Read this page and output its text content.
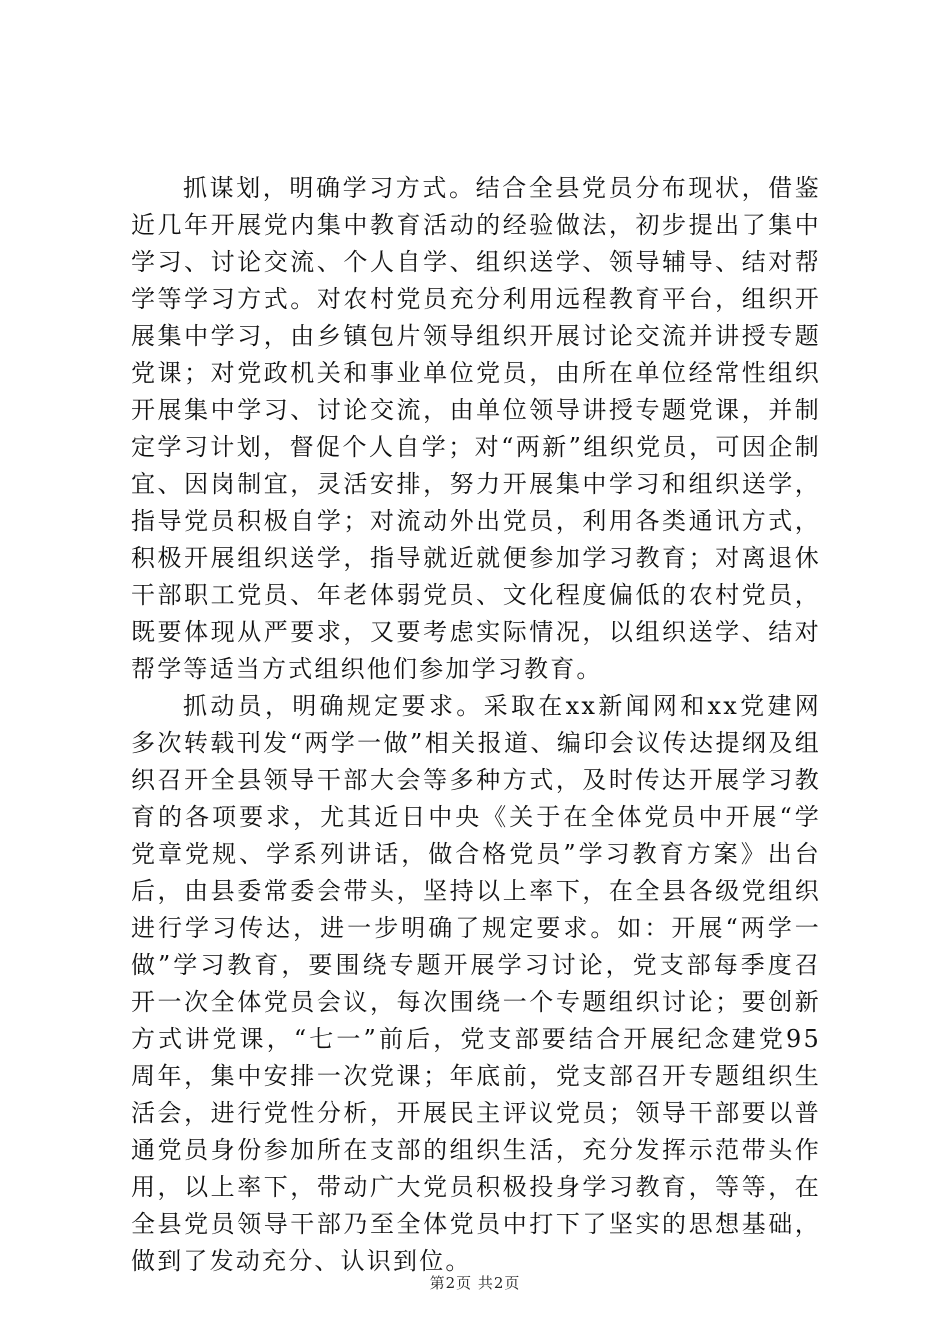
抓谋划，明确学习方式。结合全县党员分布现状，借鉴近几年开展党内集中教育活动的经验做法，初步提出了集中学习、讨论交流、个人自学、组织送学、领导辅导、结对帮学等学习方式。对农村党员充分利用远程教育平台，组织开展集中学习，由乡镇包片领导组织开展讨论交流并讲授专题党课；对党政机关和事业单位党员，由所在单位经常性组织开展集中学习、讨论交流，由单位领导讲授专题党课，并制定学习计划，督促个人自学；对“两新”组织党员，可因企制宜、因岗制宜，灵活安排，努力开展集中学习和组织送学，指导党员积极自学；对流动外出党员，利用各类通讯方式，积极开展组织送学，指导就近就便参加学习教育；对离退休干部职工党员、年老体弱党员、文化程度偏低的农村党员，既要体现从严要求，又要考虑实际情况，以组织送学、结对帮学等适当方式组织他们参加学习教育。

抓动员，明确规定要求。采取在xx新闻网和xx党建网多次转载刊发“两学一做”相关报道、编印会议传达提纲及组织召开全县领导干部大会等多种方式，及时传达开展学习教育的各项要求，尤其近日中央《关于在全体党员中开展“学党章党规、学系列讲话，做合格党员”学习教育方案》出台后，由县委常委会带头，坚持以上率下，在全县各级党组织进行学习传达，进一步明确了规定要求。如：开展“两学一做”学习教育，要围绕专题开展学习讨论，党支部每季度召开一次全体党员会议，每次围绕一个专题组织讨论；要创新方式讲党课，“七一”前后，党支部要结合开展纪念建党95周年，集中安排一次党课；年底前，党支部召开专题组织生活会，进行党性分析，开展民主评议党员；领导干部要以普通党员身份参加所在支部的组织生活，充分发挥示范带头作用，以上率下，带动广大党员积极投身学习教育，等等，在全县党员领导干部乃至全体党员中打下了坚实的思想基础，做到了发动充分、认识到位。

第2页 共2页
